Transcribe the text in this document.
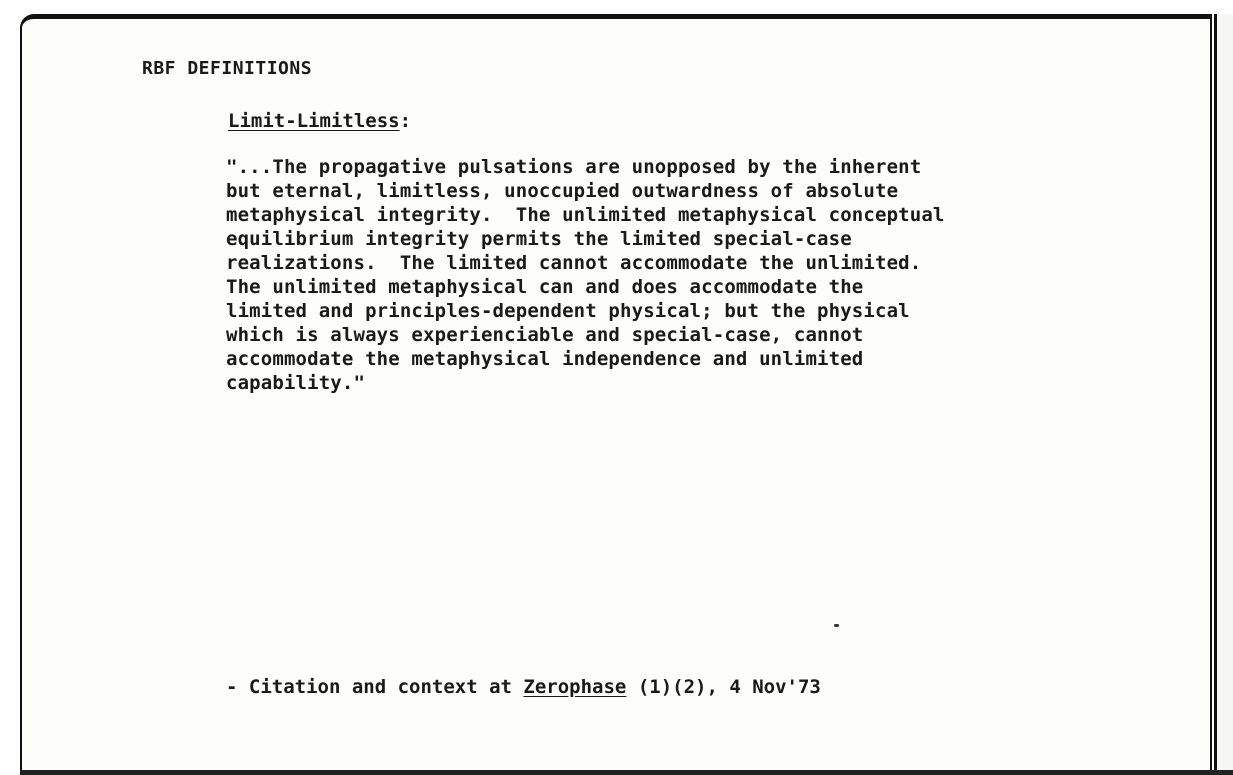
RBF DEFINITIONS
Limit-Limitless:
"...The propagative pulsations are unopposed by the inherent
but eternal, limitless, unoccupied outwardness of absolute
metaphysical integrity.  The unlimited metaphysical conceptual
equilibrium integrity permits the limited special-case
realizations.  The limited cannot accommodate the unlimited.
The unlimited metaphysical can and does accommodate the
limited and principles-dependent physical; but the physical
which is always experienciable and special-case, cannot
accommodate the metaphysical independence and unlimited
capability."
- Citation and context at Zerophase (1)(2), 4 Nov'73
